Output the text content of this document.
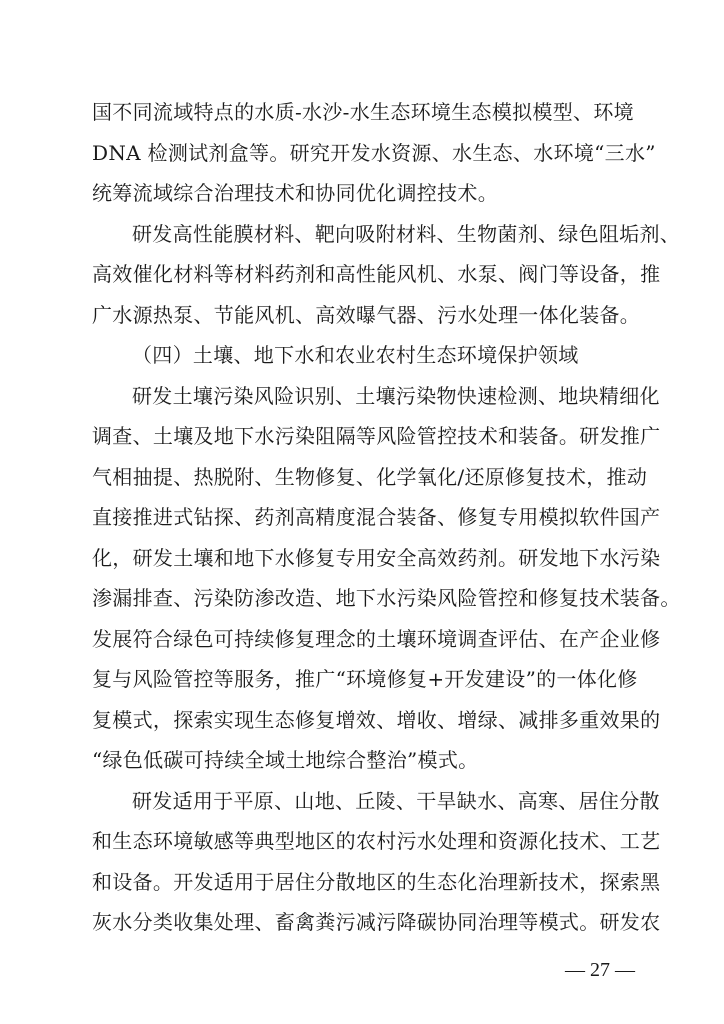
国不同流域特点的水质-水沙-水生态环境生态模拟模型、环境
DNA 检测试剂盒等。研究开发水资源、水生态、水环境“三水”
统筹流域综合治理技术和协同优化调控技术。
研发高性能膜材料、靶向吸附材料、生物菌剂、绿色阻垢剂、
高效催化材料等材料药剂和高性能风机、水泵、阀门等设备，推
广水源热泵、节能风机、高效曝气器、污水处理一体化装备。
（四）土壤、地下水和农业农村生态环境保护领域
研发土壤污染风险识别、土壤污染物快速检测、地块精细化
调查、土壤及地下水污染阻隔等风险管控技术和装备。研发推广
气相抽提、热脱附、生物修复、化学氧化/还原修复技术，推动
直接推进式钻探、药剂高精度混合装备、修复专用模拟软件国产
化，研发土壤和地下水修复专用安全高效药剂。研发地下水污染
渗漏排查、污染防渗改造、地下水污染风险管控和修复技术装备。
发展符合绿色可持续修复理念的土壤环境调查评估、在产企业修
复与风险管控等服务，推广“环境修复+开发建设”的一体化修
复模式，探索实现生态修复增效、增收、增绿、减排多重效果的
“绿色低碳可持续全域土地综合整治”模式。
研发适用于平原、山地、丘陵、干旱缺水、高寒、居住分散
和生态环境敏感等典型地区的农村污水处理和资源化技术、工艺
和设备。开发适用于居住分散地区的生态化治理新技术，探索黑
— 27 —
灰水分类收集处理、畜禽粪污减污降碳协同治理等模式。研发农
